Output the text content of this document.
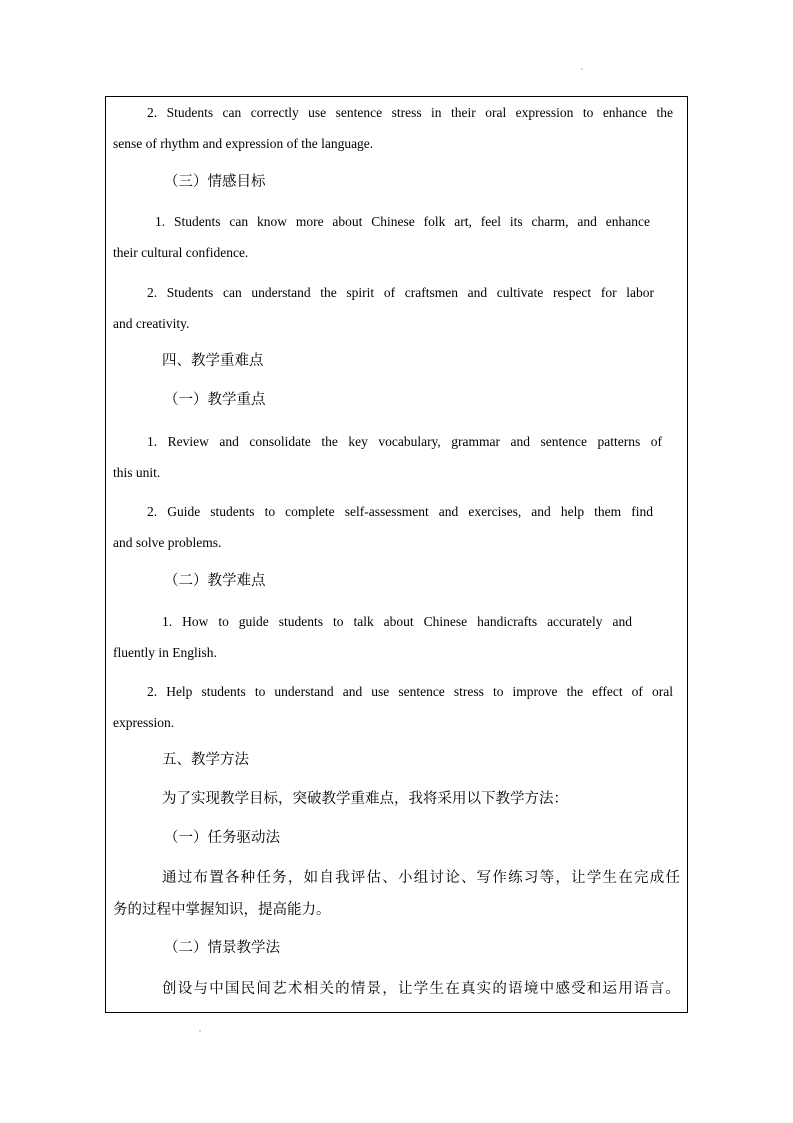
2. Students can correctly use sentence stress in their oral expression to enhance the
sense of rhythm and expression of the language.
（三）情感目标
1. Students can know more about Chinese folk art, feel its charm, and enhance
their cultural confidence.
2. Students can understand the spirit of craftsmen and cultivate respect for labor
and creativity.
四、教学重难点
（一）教学重点
1. Review and consolidate the key vocabulary, grammar and sentence patterns of
this unit.
2. Guide students to complete self-assessment and exercises, and help them find
and solve problems.
（二）教学难点
1. How to guide students to talk about Chinese handicrafts accurately and
fluently in English.
2. Help students to understand and use sentence stress to improve the effect of oral
expression.
五、教学方法
为了实现教学目标，突破教学重难点，我将采用以下教学方法：
（一）任务驱动法
通过布置各种任务，如自我评估、小组讨论、写作练习等，让学生在完成任
务的过程中掌握知识，提高能力。
（二）情景教学法
创设与中国民间艺术相关的情景，让学生在真实的语境中感受和运用语言。
